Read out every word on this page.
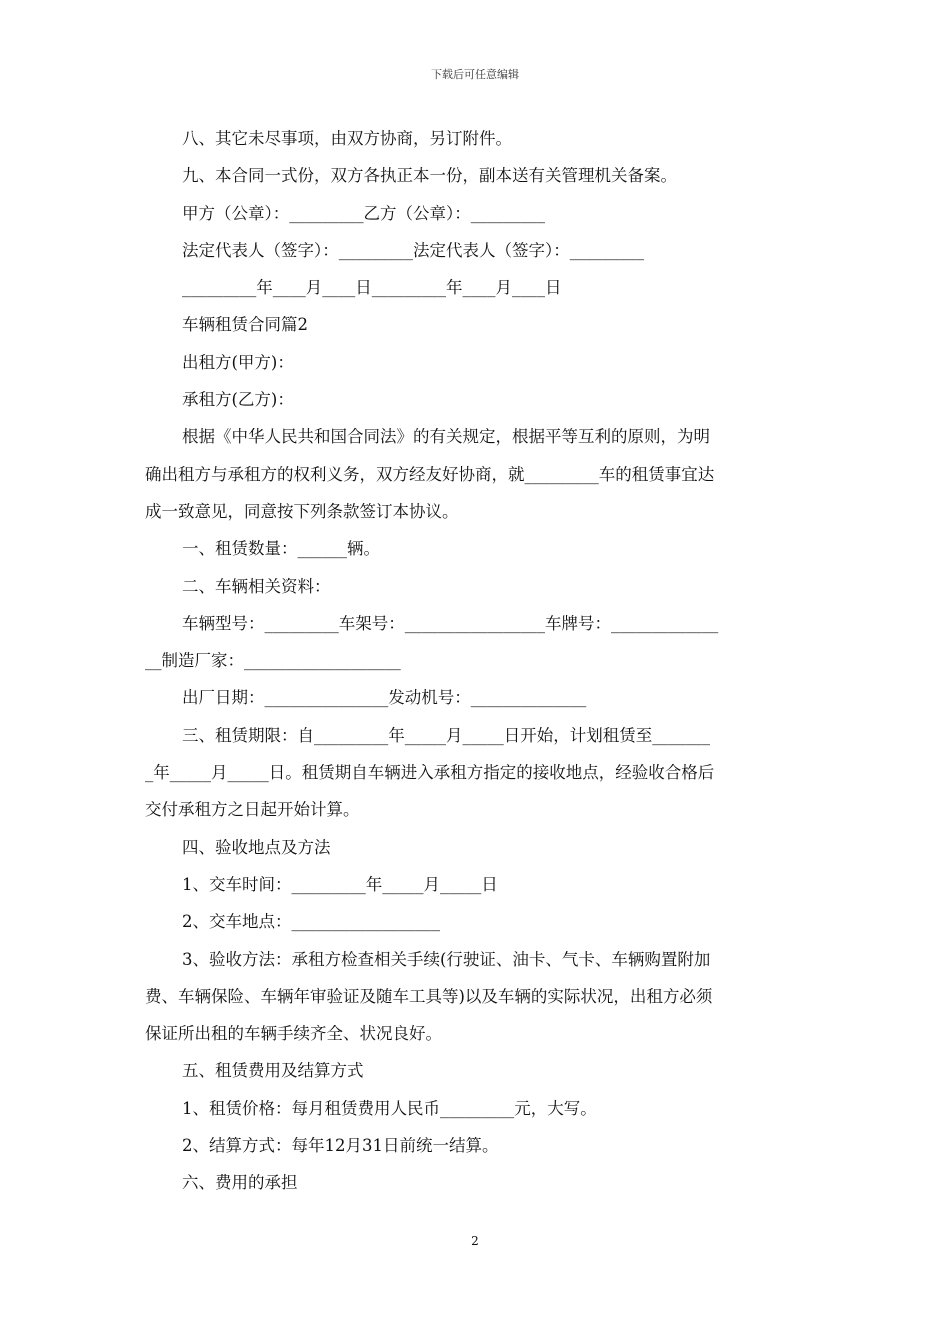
下载后可任意编辑
八、其它未尽事项，由双方协商，另订附件。
九、本合同一式份，双方各执正本一份，副本送有关管理机关备案。
甲方（公章）：_________乙方（公章）：_________
法定代表人（签字）：_________法定代表人（签字）：_________
_________年____月____日_________年____月____日
车辆租赁合同篇2
出租方(甲方)：
承租方(乙方)：
根据《中华人民共和国合同法》的有关规定，根据平等互利的原则，为明
确出租方与承租方的权利义务，双方经友好协商，就_________车的租赁事宜达
成一致意见，同意按下列条款签订本协议。
一、租赁数量：______辆。
二、车辆相关资料：
车辆型号：_________车架号：_________________车牌号：_____________
__制造厂家：___________________
出厂日期：_______________发动机号：______________
三、租赁期限：自_________年_____月_____日开始，计划租赁至_______
_年_____月_____日。租赁期自车辆进入承租方指定的接收地点，经验收合格后
交付承租方之日起开始计算。
四、验收地点及方法
1、交车时间：_________年_____月_____日
2、交车地点：__________________
3、验收方法：承租方检查相关手续(行驶证、油卡、气卡、车辆购置附加
费、车辆保险、车辆年审验证及随车工具等)以及车辆的实际状况，出租方必须
保证所出租的车辆手续齐全、状况良好。
五、租赁费用及结算方式
1、租赁价格：每月租赁费用人民币_________元，大写。
2、结算方式：每年12月31日前统一结算。
六、费用的承担
2
